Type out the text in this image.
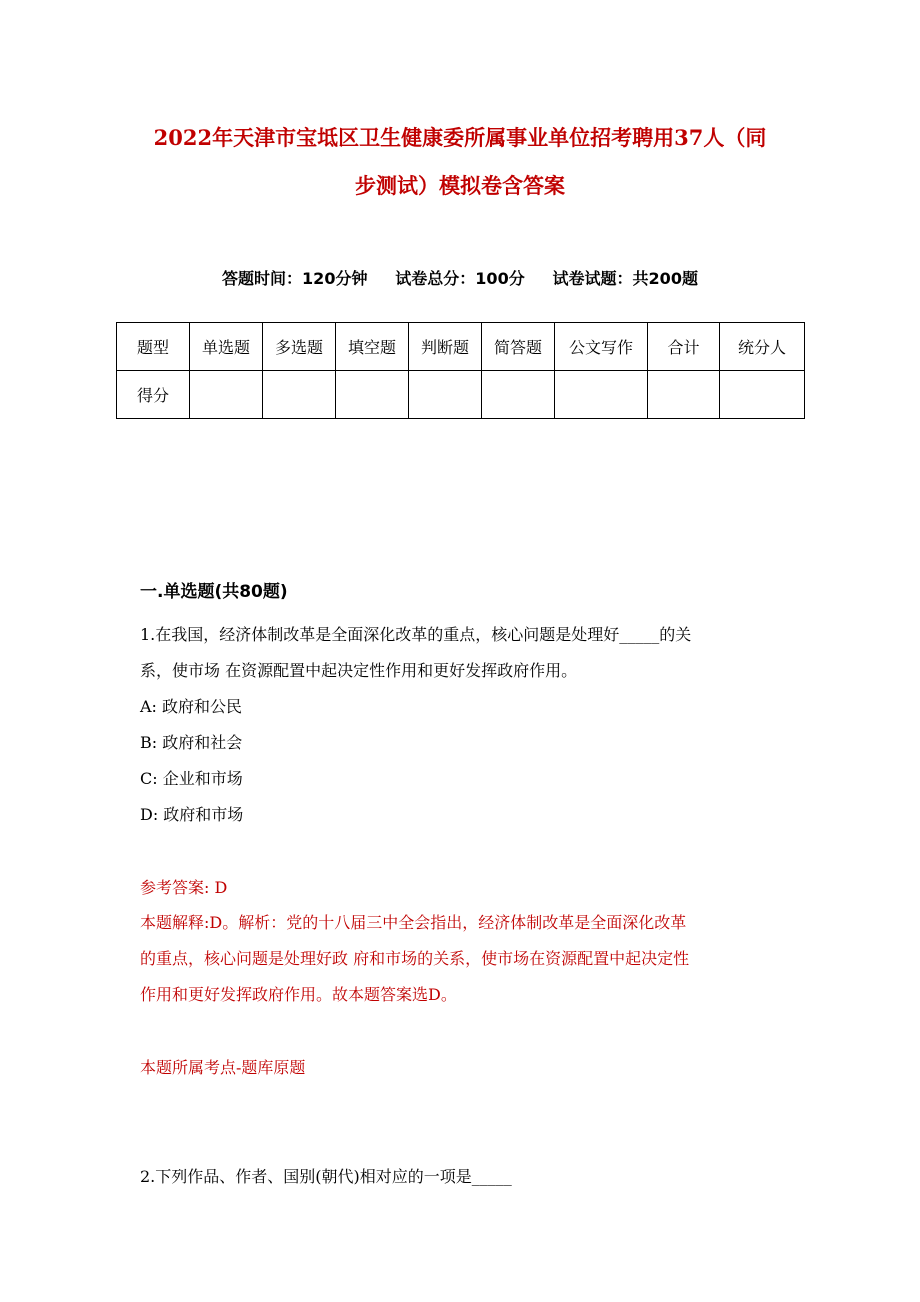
2022年天津市宝坻区卫生健康委所属事业单位招考聘用37人（同
步测试）模拟卷含答案
答题时间：120分钟     试卷总分：100分     试卷试题：共200题
题型	单选题	多选题	填空题	判断题	简答题	公文写作	合计	统分人
得分								
一.单选题(共80题)
1.在我国，经济体制改革是全面深化改革的重点，核心问题是处理好_____的关
系，使市场 在资源配置中起决定性作用和更好发挥政府作用。
A: 政府和公民
B: 政府和社会
C: 企业和市场
D: 政府和市场
参考答案: D
本题解释:D。解析：党的十八届三中全会指出，经济体制改革是全面深化改革
的重点，核心问题是处理好政 府和市场的关系，使市场在资源配置中起决定性
作用和更好发挥政府作用。故本题答案选D。
本题所属考点-题库原题
2.下列作品、作者、国别(朝代)相对应的一项是_____
